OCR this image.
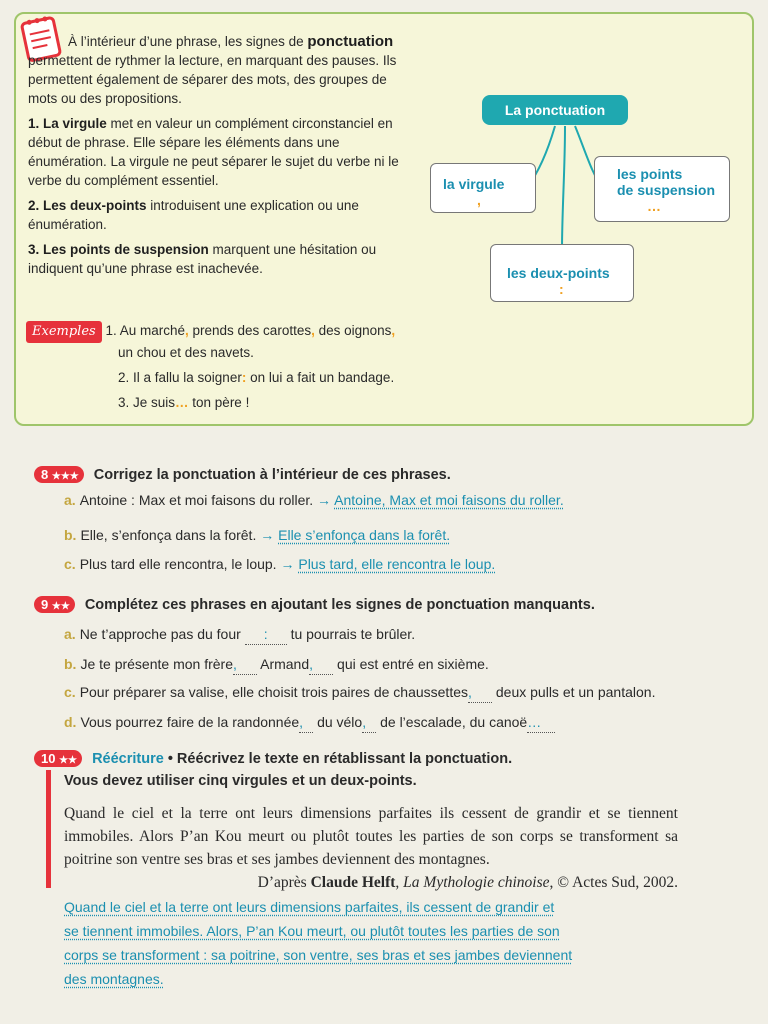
À l’intérieur d’une phrase, les signes de ponctuation permettent de rythmer la lecture, en marquant des pauses. Ils permettent également de séparer des mots, des groupes de mots ou des propositions.

1. La virgule met en valeur un complément circonstanciel en début de phrase. Elle sépare les éléments dans une énumération. La virgule ne peut séparer le sujet du verbe ni le verbe du complément essentiel.

2. Les deux-points introduisent une explication ou une énumération.

3. Les points de suspension marquent une hésitation ou indiquent qu’une phrase est inachevée.

Exemples 1. Au marché, prends des carottes, des oignons,
un chou et des navets.
2. Il a fallu la soigner: on lui a fait un bandage.
3. Je suis… ton père !
La ponctuation
la virgule
,
les points
de suspension
…
les deux-points
:
8 ★★★ Corrigez la ponctuation à l’intérieur de ces phrases.
a. Antoine : Max et moi faisons du roller. → Antoine, Max et moi faisons du roller.
b. Elle, s’enfonça dans la forêt. → Elle s’enfonça dans la forêt.
c. Plus tard elle rencontra, le loup. → Plus tard, elle rencontra le loup.
9 ★★ Complétez ces phrases en ajoutant les signes de ponctuation manquants.
a. Ne t’approche pas du four : tu pourrais te brûler.
b. Je te présente mon frère, Armand, qui est entré en sixième.
c. Pour préparer sa valise, elle choisit trois paires de chaussettes, deux pulls et un pantalon.
d. Vous pourrez faire de la randonnée, du vélo, de l’escalade, du canoë…
10 ★★ Réécriture • Réécrivez le texte en rétablissant la ponctuation.
Vous devez utiliser cinq virgules et un deux-points.
Quand le ciel et la terre ont leurs dimensions parfaites ils cessent de grandir et se tiennent immobiles. Alors P’an Kou meurt ou plutôt toutes les parties de son corps se transforment sa poitrine son ventre ses bras et ses jambes deviennent des montagnes.
D’après Claude Helft, La Mythologie chinoise, © Actes Sud, 2002.
Quand le ciel et la terre ont leurs dimensions parfaites, ils cessent de grandir et
se tiennent immobiles. Alors, P’an Kou meurt, ou plutôt toutes les parties de son
corps se transforment : sa poitrine, son ventre, ses bras et ses jambes deviennent
des montagnes.
